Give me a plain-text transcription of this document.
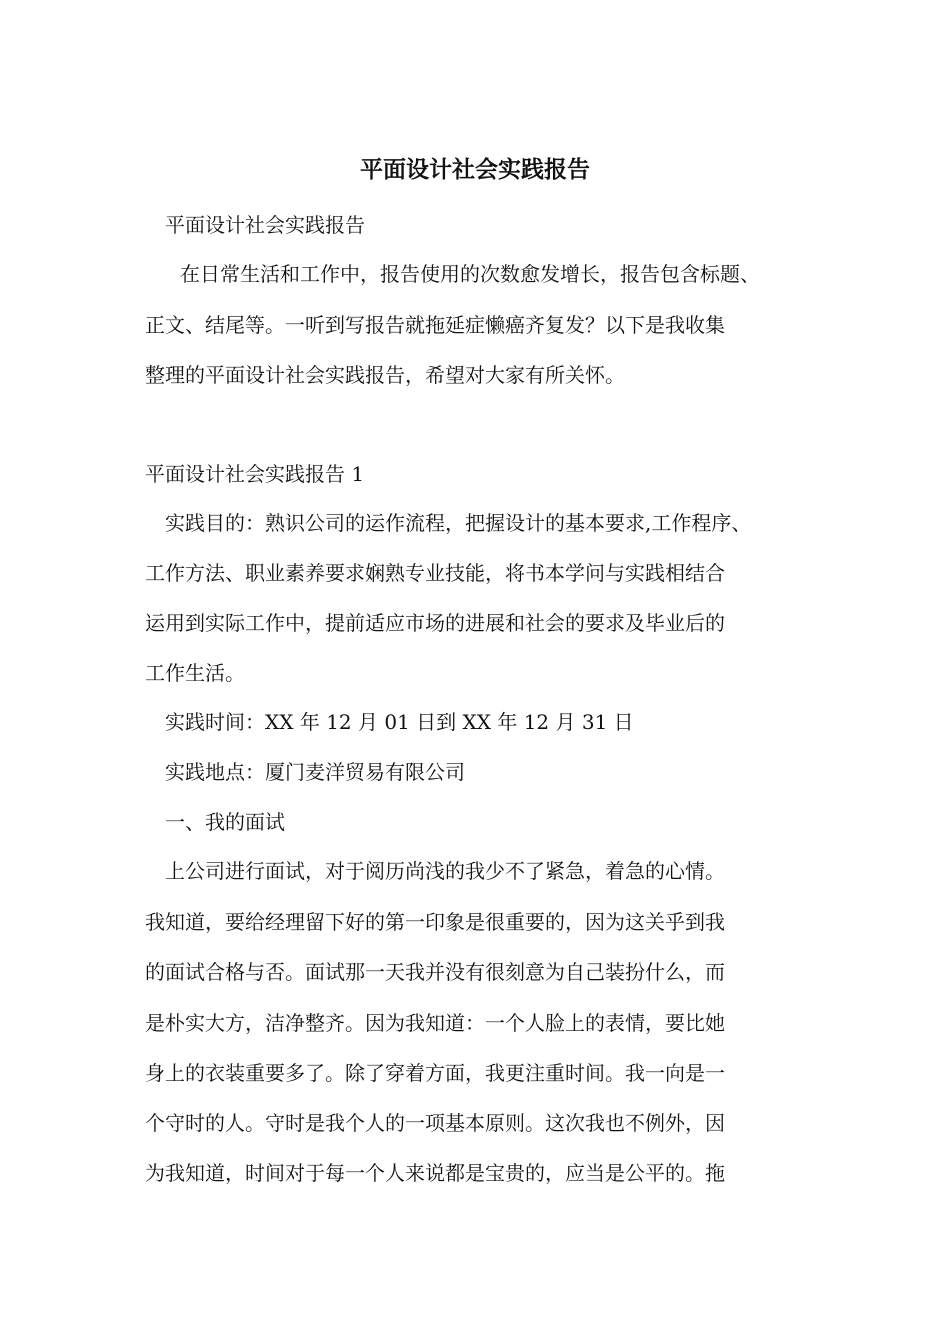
平面设计社会实践报告

平面设计社会实践报告

在日常生活和工作中，报告使用的次数愈发增长，报告包含标题、

正文、结尾等。一听到写报告就拖延症懒癌齐复发？以下是我收集

整理的平面设计社会实践报告，希望对大家有所关怀。

平面设计社会实践报告 1

实践目的：熟识公司的运作流程，把握设计的基本要求,工作程序、

工作方法、职业素养要求娴熟专业技能，将书本学问与实践相结合

运用到实际工作中，提前适应市场的进展和社会的要求及毕业后的

工作生活。

实践时间：XX 年 12 月 01 日到 XX 年 12 月 31 日

实践地点：厦门麦洋贸易有限公司

一、我的面试

上公司进行面试，对于阅历尚浅的我少不了紧急，着急的心情。

我知道，要给经理留下好的第一印象是很重要的，因为这关乎到我

的面试合格与否。面试那一天我并没有很刻意为自己装扮什么，而

是朴实大方，洁净整齐。因为我知道：一个人脸上的表情，要比她

身上的衣装重要多了。除了穿着方面，我更注重时间。我一向是一

个守时的人。守时是我个人的一项基本原则。这次我也不例外，因

为我知道，时间对于每一个人来说都是宝贵的，应当是公平的。拖
